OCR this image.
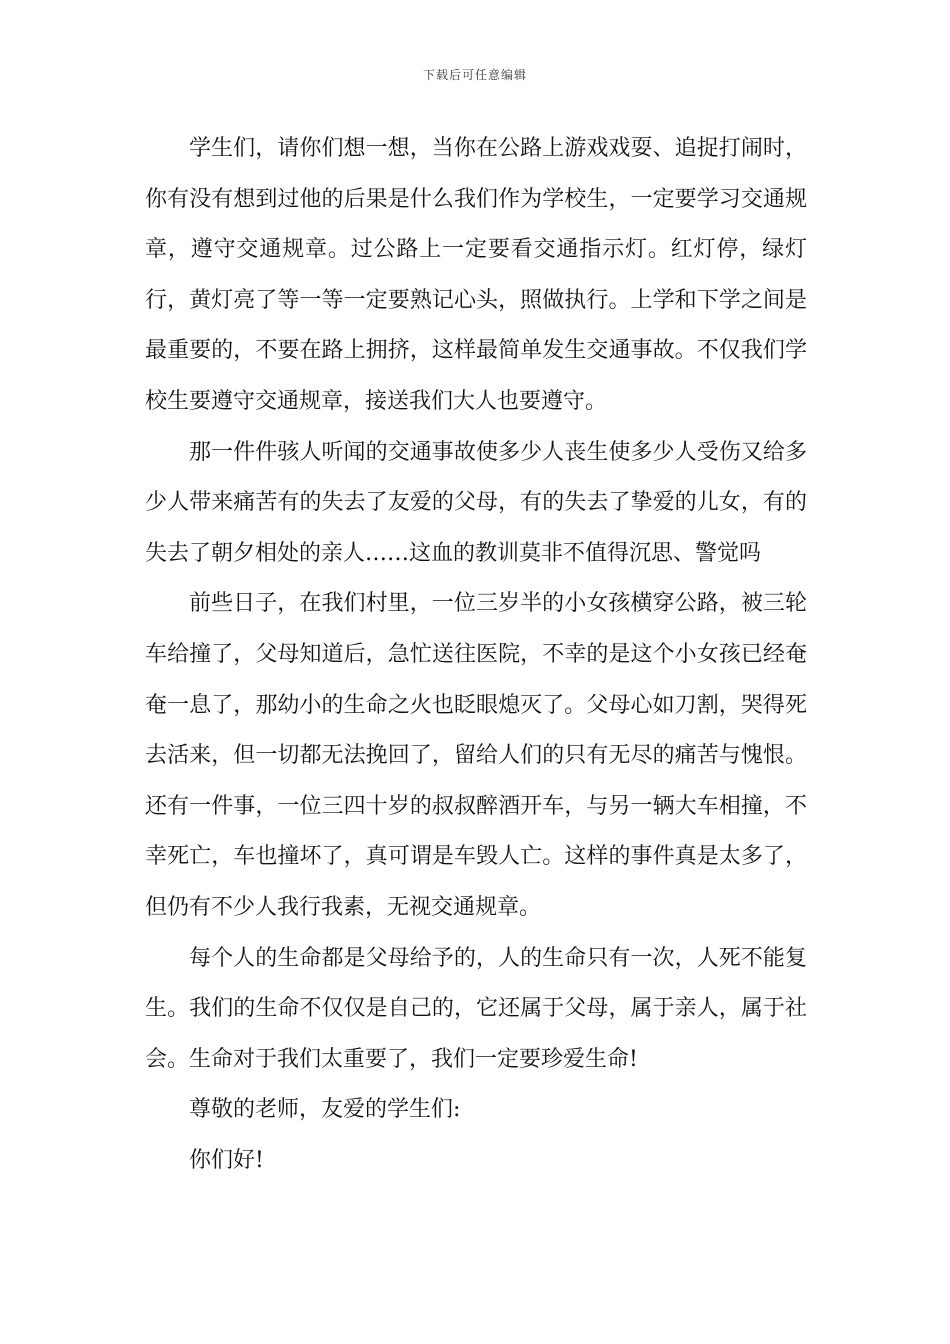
下载后可任意编辑

学生们，请你们想一想，当你在公路上游戏戏耍、追捉打闹时，你有没有想到过他的后果是什么我们作为学校生，一定要学习交通规章，遵守交通规章。过公路上一定要看交通指示灯。红灯停，绿灯行，黄灯亮了等一等一定要熟记心头，照做执行。上学和下学之间是最重要的，不要在路上拥挤，这样最简单发生交通事故。不仅我们学校生要遵守交通规章，接送我们大人也要遵守。

那一件件骇人听闻的交通事故使多少人丧生使多少人受伤又给多少人带来痛苦有的失去了友爱的父母，有的失去了挚爱的儿女，有的失去了朝夕相处的亲人……这血的教训莫非不值得沉思、警觉吗

前些日子，在我们村里，一位三岁半的小女孩横穿公路，被三轮车给撞了，父母知道后，急忙送往医院，不幸的是这个小女孩已经奄奄一息了，那幼小的生命之火也眨眼熄灭了。父母心如刀割，哭得死去活来，但一切都无法挽回了，留给人们的只有无尽的痛苦与愧恨。还有一件事，一位三四十岁的叔叔醉酒开车，与另一辆大车相撞，不幸死亡，车也撞坏了，真可谓是车毁人亡。这样的事件真是太多了，但仍有不少人我行我素，无视交通规章。

每个人的生命都是父母给予的，人的生命只有一次，人死不能复生。我们的生命不仅仅是自己的，它还属于父母，属于亲人，属于社会。生命对于我们太重要了，我们一定要珍爱生命!

尊敬的老师，友爱的学生们:

你们好!
